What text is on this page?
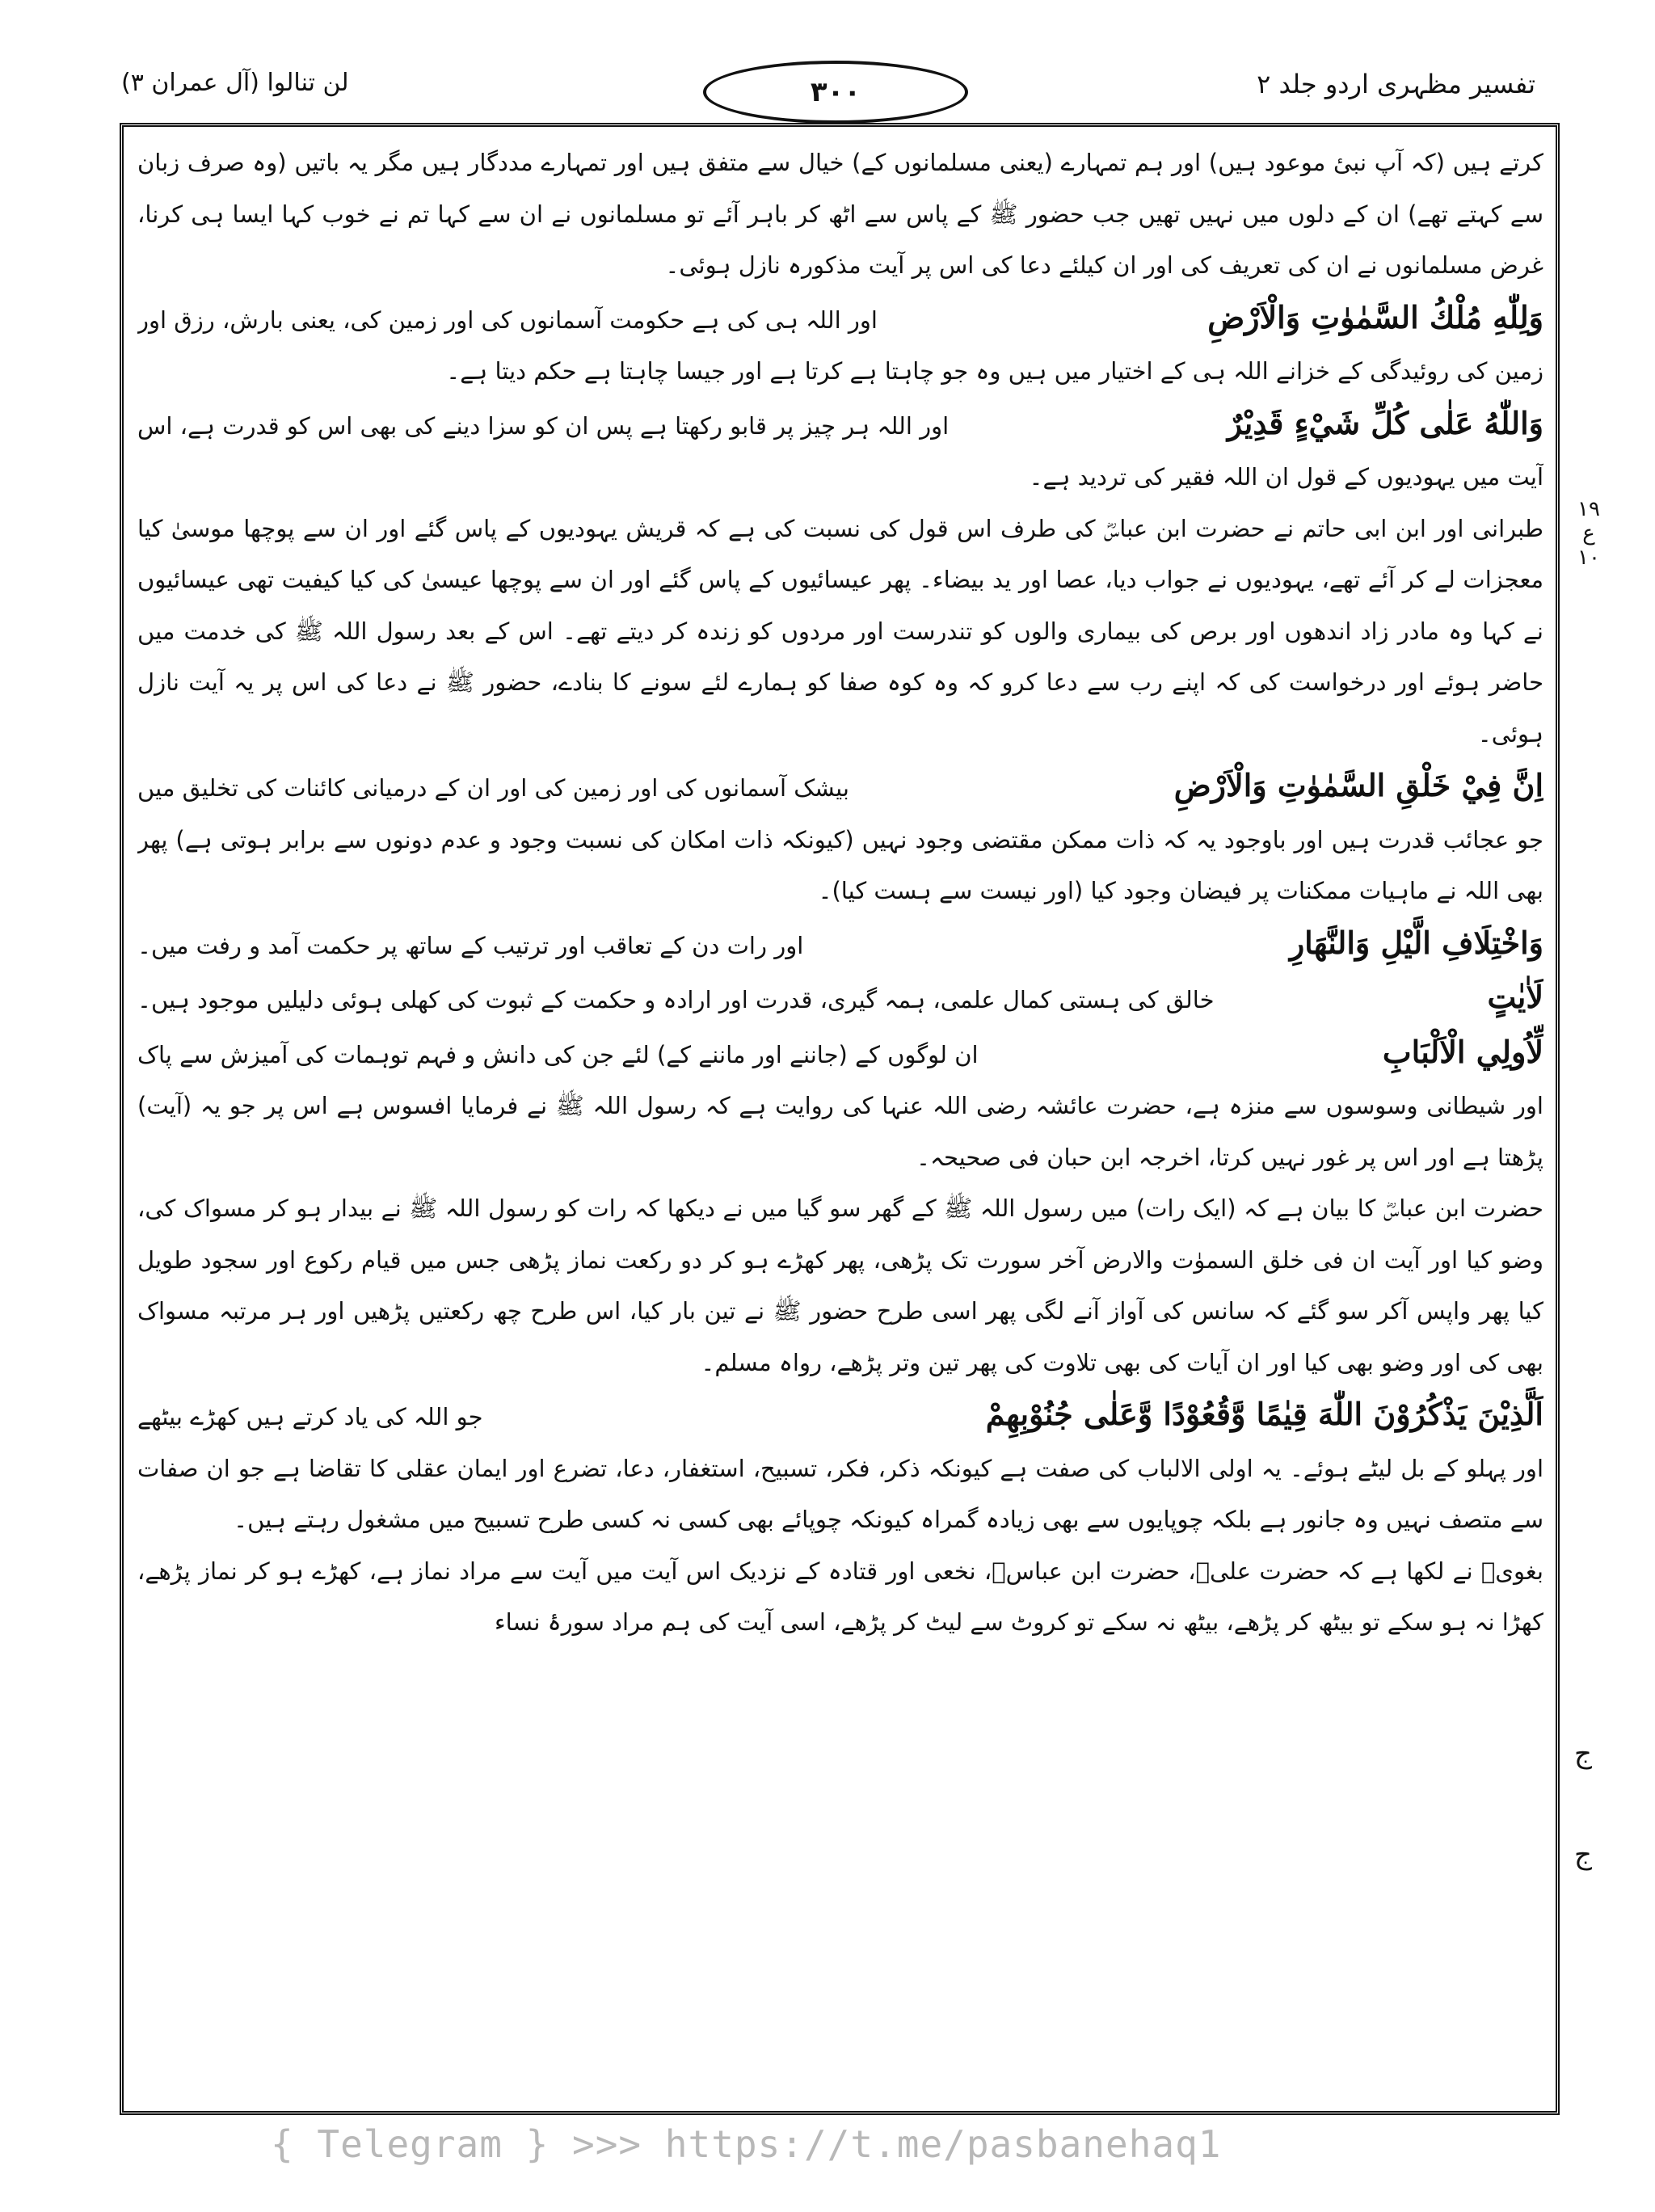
لن تنالوا (آل عمران ۳)	۳۰۰	تفسیر مظہری اردو جلد ۲

کرتے ہیں (کہ آپ نبیٔ موعود ہیں) اور ہم تمہارے (یعنی مسلمانوں کے) خیال سے متفق ہیں اور تمہارے مددگار ہیں مگر یہ باتیں (وہ صرف زبان سے کہتے تھے) ان کے دلوں میں نہیں تھیں جب حضور ﷺ کے پاس سے اٹھ کر باہر آئے تو مسلمانوں نے ان سے کہا تم نے خوب کہا ایسا ہی کرنا، غرض مسلمانوں نے ان کی تعریف کی اور ان کیلئے دعا کی اس پر آیت مذکورہ نازل ہوئی۔

وَلِلّٰهِ مُلْكُ السَّمٰوٰتِ وَالْاَرْضِ
اور اللہ ہی کی ہے حکومت آسمانوں کی اور زمین کی، یعنی بارش، رزق اور

زمین کی روئیدگی کے خزانے اللہ ہی کے اختیار میں ہیں وہ جو چاہتا ہے کرتا ہے اور جیسا چاہتا ہے حکم دیتا ہے۔

وَاللّٰهُ عَلٰى كُلِّ شَيْءٍ قَدِيْرٌ
اور اللہ ہر چیز پر قابو رکھتا ہے پس ان کو سزا دینے کی بھی اس کو قدرت ہے، اس

آیت میں یہودیوں کے قول ان اللہ فقیر کی تردید ہے۔

طبرانی اور ابن ابی حاتم نے حضرت ابن عباسؓ کی طرف اس قول کی نسبت کی ہے کہ قریش یہودیوں کے پاس گئے اور ان سے پوچھا موسیٰ کیا معجزات لے کر آئے تھے، یہودیوں نے جواب دیا، عصا اور ید بیضاء۔ پھر عیسائیوں کے پاس گئے اور ان سے پوچھا عیسیٰ کی کیا کیفیت تھی عیسائیوں نے کہا وہ مادر زاد اندھوں اور برص کی بیماری والوں کو تندرست اور مردوں کو زندہ کر دیتے تھے۔ اس کے بعد رسول اللہ ﷺ کی خدمت میں حاضر ہوئے اور درخواست کی کہ اپنے رب سے دعا کرو کہ وہ کوہ صفا کو ہمارے لئے سونے کا بنادے، حضور ﷺ نے دعا کی اس پر یہ آیت نازل ہوئی۔

اِنَّ فِيْ خَلْقِ السَّمٰوٰتِ وَالْاَرْضِ
بیشک آسمانوں کی اور زمین کی اور ان کے درمیانی کائنات کی تخلیق میں

جو عجائب قدرت ہیں اور باوجود یہ کہ ذات ممکن مقتضی وجود نہیں (کیونکہ ذات امکان کی نسبت وجود و عدم دونوں سے برابر ہوتی ہے) پھر بھی اللہ نے ماہیات ممکنات پر فیضان وجود کیا (اور نیست سے ہست کیا)۔

وَاخْتِلَافِ الَّيْلِ وَالنَّهَارِ
اور رات دن کے تعاقب اور ترتیب کے ساتھ پر حکمت آمد و رفت میں۔
لَاٰيٰتٍ
خالق کی ہستی کمال علمی، ہمہ گیری، قدرت اور ارادہ و حکمت کے ثبوت کی کھلی ہوئی دلیلیں موجود ہیں۔
لِّاُولِي الْاَلْبَابِ
ان لوگوں کے (جاننے اور ماننے کے) لئے جن کی دانش و فہم توہمات کی آمیزش سے پاک

اور شیطانی وسوسوں سے منزہ ہے، حضرت عائشہ رضی اللہ عنہا کی روایت ہے کہ رسول اللہ ﷺ نے فرمایا افسوس ہے اس پر جو یہ (آیت) پڑھتا ہے اور اس پر غور نہیں کرتا، اخرجہ ابن حبان فی صحیحہ۔

حضرت ابن عباسؓ کا بیان ہے کہ (ایک رات) میں رسول اللہ ﷺ کے گھر سو گیا میں نے دیکھا کہ رات کو رسول اللہ ﷺ نے بیدار ہو کر مسواک کی، وضو کیا اور آیت ان فی خلق السموٰت والارض آخر سورت تک پڑھی، پھر کھڑے ہو کر دو رکعت نماز پڑھی جس میں قیام رکوع اور سجود طویل کیا پھر واپس آکر سو گئے کہ سانس کی آواز آنے لگی پھر اسی طرح حضور ﷺ نے تین بار کیا، اس طرح چھ رکعتیں پڑھیں اور ہر مرتبہ مسواک بھی کی اور وضو بھی کیا اور ان آیات کی بھی تلاوت کی پھر تین وتر پڑھے، رواہ مسلم۔

اَلَّذِيْنَ يَذْكُرُوْنَ اللّٰهَ قِيٰمًا وَّقُعُوْدًا وَّعَلٰى جُنُوْبِهِمْ
جو اللہ کی یاد کرتے ہیں کھڑے بیٹھے

اور پہلو کے بل لیٹے ہوئے۔ یہ اولی الالباب کی صفت ہے کیونکہ ذکر، فکر، تسبیح، استغفار، دعا، تضرع اور ایمان عقلی کا تقاضا ہے جو ان صفات سے متصف نہیں وہ جانور ہے بلکہ چوپایوں سے بھی زیادہ گمراہ کیونکہ چوپائے بھی کسی نہ کسی طرح تسبیح میں مشغول رہتے ہیں۔

بغویؒ نے لکھا ہے کہ حضرت علیؓ، حضرت ابن عباسؓ، نخعی اور قتادہ کے نزدیک اس آیت میں آیت سے مراد نماز ہے، کھڑے ہو کر نماز پڑھے، کھڑا نہ ہو سکے تو بیٹھ کر پڑھے، بیٹھ نہ سکے تو کروٹ سے لیٹ کر پڑھے، اسی آیت کی ہم مراد سورۂ نساء

۱۹ ع ۱۰
ج
ج
{ Telegram } >>> https://t.me/pasbanehaq1
